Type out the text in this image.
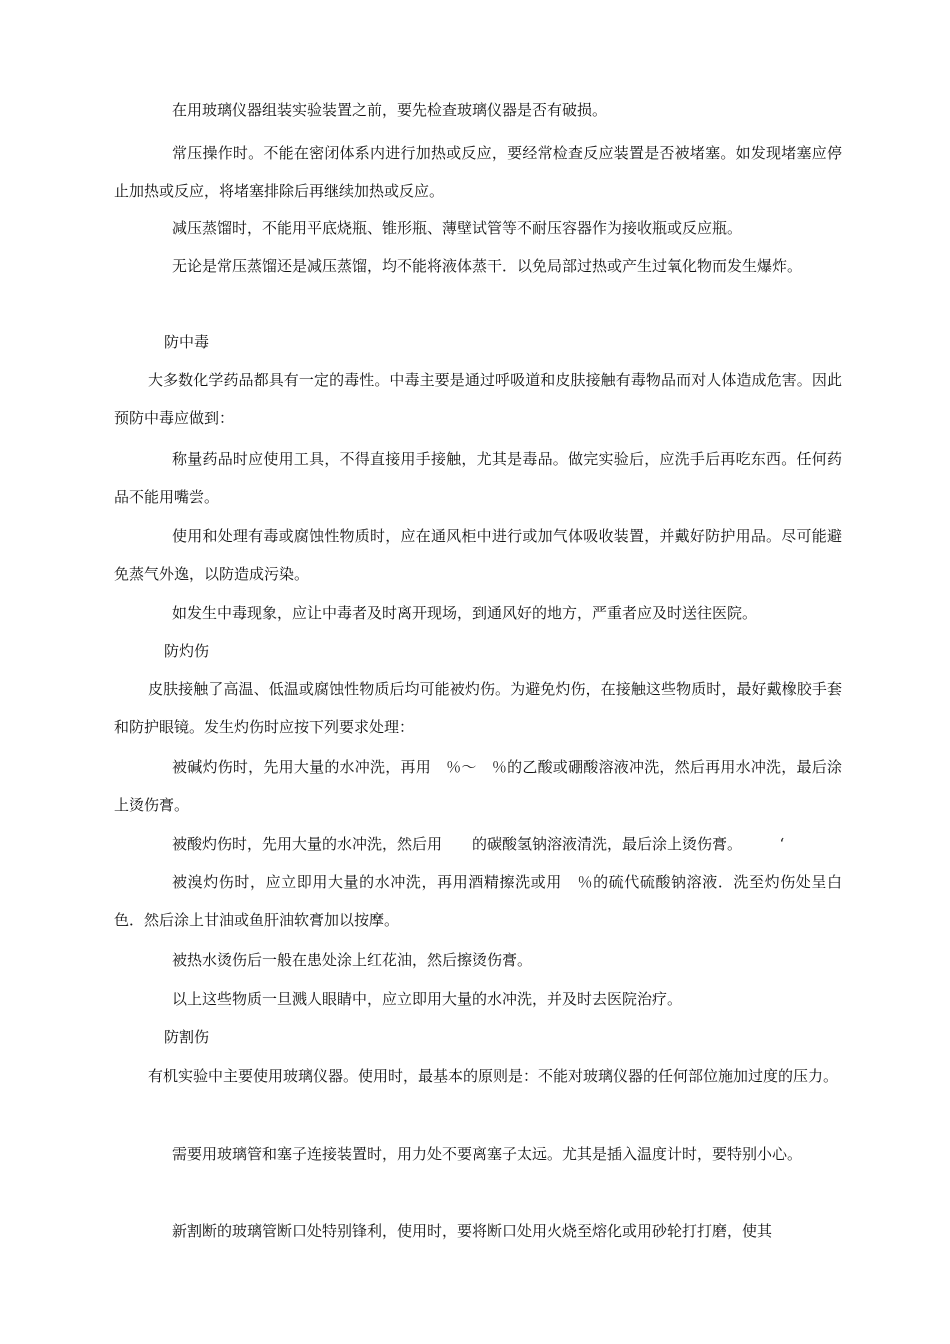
在用玻璃仪器组装实验装置之前，要先检查玻璃仪器是否有破损。

常压操作时。不能在密闭体系内进行加热或反应，要经常检查反应装置是否被堵塞。如发现堵塞应停止加热或反应，将堵塞排除后再继续加热或反应。

减压蒸馏时，不能用平底烧瓶、锥形瓶、薄壁试管等不耐压容器作为接收瓶或反应瓶。

无论是常压蒸馏还是减压蒸馏，均不能将液体蒸干．以免局部过热或产生过氧化物而发生爆炸。

防中毒

大多数化学药品都具有一定的毒性。中毒主要是通过呼吸道和皮肤接触有毒物品而对人体造成危害。因此预防中毒应做到：

称量药品时应使用工具，不得直接用手接触，尤其是毒品。做完实验后，应洗手后再吃东西。任何药品不能用嘴尝。

使用和处理有毒或腐蚀性物质时，应在通风柜中进行或加气体吸收装置，并戴好防护用品。尽可能避免蒸气外逸，以防造成污染。

如发生中毒现象，应让中毒者及时离开现场，到通风好的地方，严重者应及时送往医院。

防灼伤

皮肤接触了高温、低温或腐蚀性物质后均可能被灼伤。为避免灼伤，在接触这些物质时，最好戴橡胶手套和防护眼镜。发生灼伤时应按下列要求处理：

被碱灼伤时，先用大量的水冲洗，再用　％～　％的乙酸或硼酸溶液冲洗，然后再用水冲洗，最后涂上烫伤膏。

被酸灼伤时，先用大量的水冲洗，然后用　　的碳酸氢钠溶液清洗，最后涂上烫伤膏。　　　‘

被溴灼伤时，应立即用大量的水冲洗，再用酒精擦洗或用　％的硫代硫酸钠溶液．洗至灼伤处呈白色．然后涂上甘油或鱼肝油软膏加以按摩。

被热水烫伤后一般在患处涂上红花油，然后擦烫伤膏。

以上这些物质一旦溅人眼睛中，应立即用大量的水冲洗，并及时去医院治疗。

防割伤

有机实验中主要使用玻璃仪器。使用时，最基本的原则是：不能对玻璃仪器的任何部位施加过度的压力。

需要用玻璃管和塞子连接装置时，用力处不要离塞子太远。尤其是插入温度计时，要特别小心。

新割断的玻璃管断口处特别锋利，使用时，要将断口处用火烧至熔化或用砂轮打打磨，使其
